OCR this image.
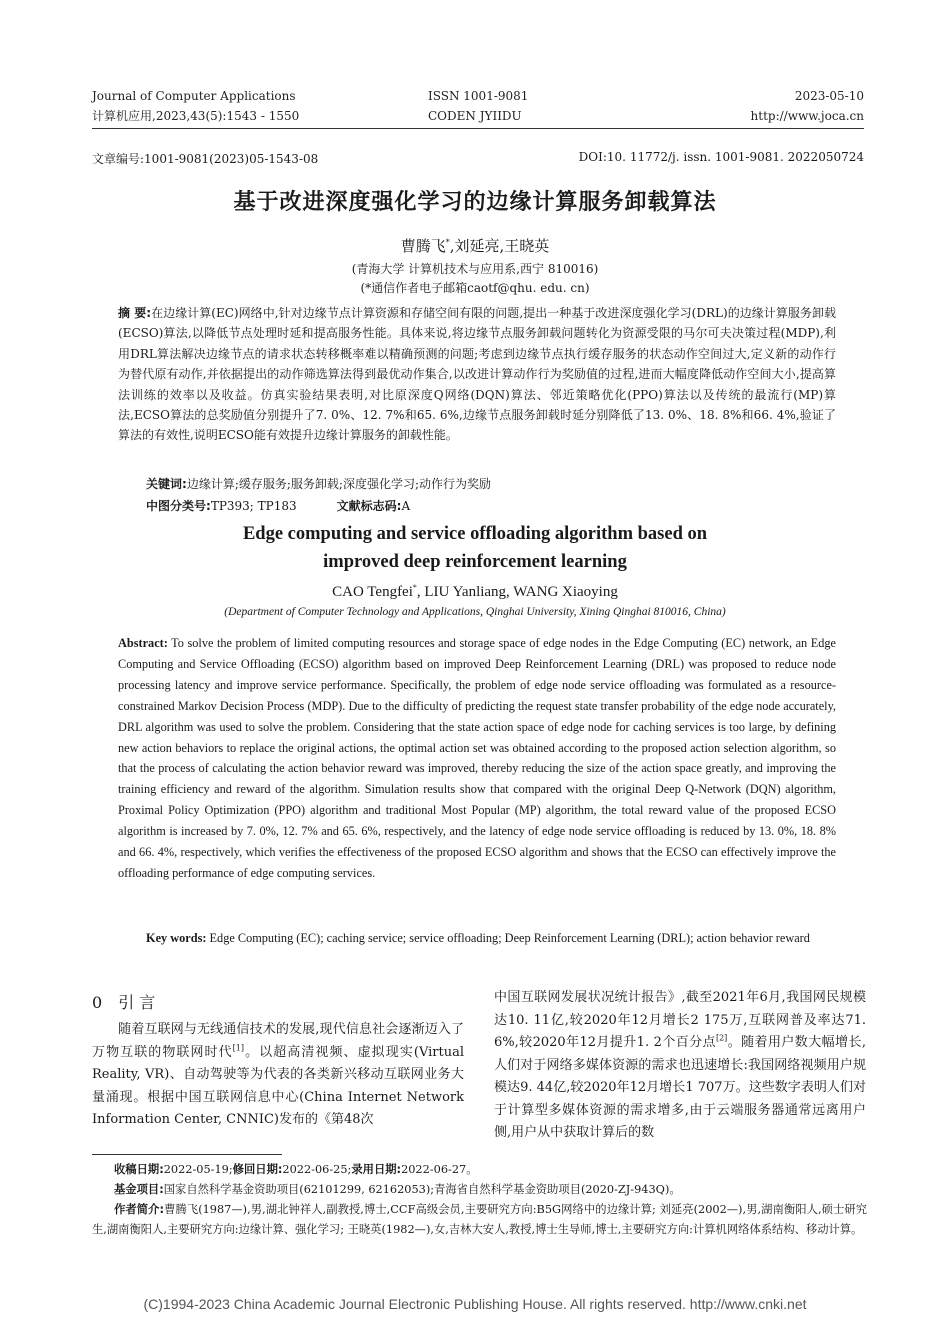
Journal of Computer Applications
计算机应用,2023,43(5):1543 - 1550
ISSN 1001-9081
CODEN JYIIDU
2023-05-10
http://www.joca.cn
文章编号:1001-9081(2023)05-1543-08	DOI:10. 11772/j. issn. 1001-9081. 2022050724
基于改进深度强化学习的边缘计算服务卸载算法
曹腾飞*,刘延亮,王晓英
(青海大学 计算机技术与应用系,西宁 810016)
(*通信作者电子邮箱caotf@qhu. edu. cn)
摘 要:在边缘计算(EC)网络中,针对边缘节点计算资源和存储空间有限的问题,提出一种基于改进深度强化学习(DRL)的边缘计算服务卸载(ECSO)算法,以降低节点处理时延和提高服务性能。具体来说,将边缘节点服务卸载问题转化为资源受限的马尔可夫决策过程(MDP),利用DRL算法解决边缘节点的请求状态转移概率难以精确预测的问题;考虑到边缘节点执行缓存服务的状态动作空间过大,定义新的动作行为替代原有动作,并依据提出的动作筛选算法得到最优动作集合,以改进计算动作行为奖励值的过程,进而大幅度降低动作空间大小,提高算法训练的效率以及收益。仿真实验结果表明,对比原深度Q网络(DQN)算法、邻近策略优化(PPO)算法以及传统的最流行(MP)算法,ECSO算法的总奖励值分别提升了7. 0%、12. 7%和65. 6%,边缘节点服务卸载时延分别降低了13. 0%、18. 8%和66. 4%,验证了算法的有效性,说明ECSO能有效提升边缘计算服务的卸载性能。
关键词:边缘计算;缓存服务;服务卸载;深度强化学习;动作行为奖励
中图分类号:TP393; TP183	文献标志码:A
Edge computing and service offloading algorithm based on
improved deep reinforcement learning
CAO Tengfei*, LIU Yanliang, WANG Xiaoying
(Department of Computer Technology and Applications, Qinghai University, Xining Qinghai 810016, China)
Abstract: To solve the problem of limited computing resources and storage space of edge nodes in the Edge Computing (EC) network, an Edge Computing and Service Offloading (ECSO) algorithm based on improved Deep Reinforcement Learning (DRL) was proposed to reduce node processing latency and improve service performance. Specifically, the problem of edge node service offloading was formulated as a resource-constrained Markov Decision Process (MDP). Due to the difficulty of predicting the request state transfer probability of the edge node accurately, DRL algorithm was used to solve the problem. Considering that the state action space of edge node for caching services is too large, by defining new action behaviors to replace the original actions, the optimal action set was obtained according to the proposed action selection algorithm, so that the process of calculating the action behavior reward was improved, thereby reducing the size of the action space greatly, and improving the training efficiency and reward of the algorithm. Simulation results show that compared with the original Deep Q-Network (DQN) algorithm, Proximal Policy Optimization (PPO) algorithm and traditional Most Popular (MP) algorithm, the total reward value of the proposed ECSO algorithm is increased by 7. 0%, 12. 7% and 65. 6%, respectively, and the latency of edge node service offloading is reduced by 13. 0%, 18. 8% and 66. 4%, respectively, which verifies the effectiveness of the proposed ECSO algorithm and shows that the ECSO can effectively improve the offloading performance of edge computing services.
Key words: Edge Computing (EC); caching service; service offloading; Deep Reinforcement Learning (DRL); action behavior reward
0 引 言
随着互联网与无线通信技术的发展,现代信息社会逐渐迈入了万物互联的物联网时代[1]。以超高清视频、虚拟现实(Virtual Reality, VR)、自动驾驶等为代表的各类新兴移动互联网业务大量涌现。根据中国互联网信息中心(China Internet Network Information Center, CNNIC)发布的《第48次
中国互联网发展状况统计报告》,截至2021年6月,我国网民规模达10. 11亿,较2020年12月增长2 175万,互联网普及率达71. 6%,较2020年12月提升1. 2个百分点[2]。随着用户数大幅增长,人们对于网络多媒体资源的需求也迅速增长:我国网络视频用户规模达9. 44亿,较2020年12月增长1 707万。这些数字表明人们对于计算型多媒体资源的需求增多,由于云端服务器通常远离用户侧,用户从中获取计算后的数
收稿日期:2022-05-19;修回日期:2022-06-25;录用日期:2022-06-27。
基金项目:国家自然科学基金资助项目(62101299, 62162053);青海省自然科学基金资助项目(2020-ZJ-943Q)。
作者简介:曹腾飞(1987—),男,湖北钟祥人,副教授,博士,CCF高级会员,主要研究方向:B5G网络中的边缘计算; 刘延亮(2002—),男,湖南衡阳人,硕士研究生,湖南衡阳人,主要研究方向:边缘计算、强化学习; 王晓英(1982—),女,吉林大安人,教授,博士生导师,博士,主要研究方向:计算机网络体系结构、移动计算。
(C)1994-2023 China Academic Journal Electronic Publishing House. All rights reserved. http://www.cnki.net
